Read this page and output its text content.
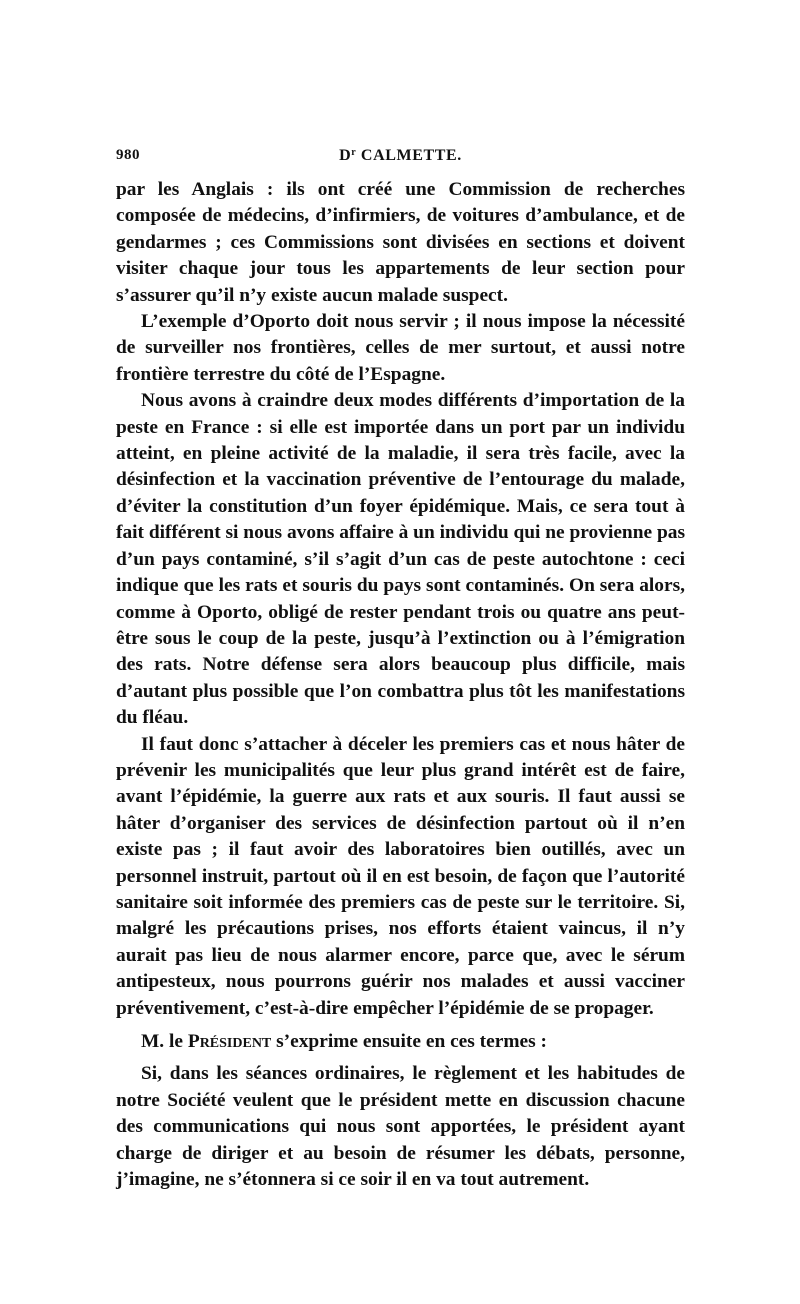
980	$D^r$ CALMETTE.

par les Anglais : ils ont créé une Commission de recherches composée de médecins, d’infirmiers, de voitures d’ambulance, et de gendarmes ; ces Commissions sont divisées en sections et doivent visiter chaque jour tous les appartements de leur section pour s’assurer qu’il n’y existe aucun malade suspect.

L’exemple d’Oporto doit nous servir ; il nous impose la nécessité de surveiller nos frontières, celles de mer surtout, et aussi notre frontière terrestre du côté de l’Espagne.

Nous avons à craindre deux modes différents d’importation de la peste en France : si elle est importée dans un port par un individu atteint, en pleine activité de la maladie, il sera très facile, avec la désinfection et la vaccination préventive de l’entourage du malade, d’éviter la constitution d’un foyer épidémique. Mais, ce sera tout à fait différent si nous avons affaire à un individu qui ne provienne pas d’un pays contaminé, s’il s’agit d’un cas de peste autochtone : ceci indique que les rats et souris du pays sont contaminés. On sera alors, comme à Oporto, obligé de rester pendant trois ou quatre ans peut-être sous le coup de la peste, jusqu’à l’extinction ou à l’émigration des rats. Notre défense sera alors beaucoup plus difficile, mais d’autant plus possible que l’on combattra plus tôt les manifestations du fléau.

Il faut donc s’attacher à déceler les premiers cas et nous hâter de prévenir les municipalités que leur plus grand intérêt est de faire, avant l’épidémie, la guerre aux rats et aux souris. Il faut aussi se hâter d’organiser des services de désinfection partout où il n’en existe pas ; il faut avoir des laboratoires bien outillés, avec un personnel instruit, partout où il en est besoin, de façon que l’autorité sanitaire soit informée des premiers cas de peste sur le territoire. Si, malgré les précautions prises, nos efforts étaient vaincus, il n’y aurait pas lieu de nous alarmer encore, parce que, avec le sérum antipesteux, nous pourrons guérir nos malades et aussi vacciner préventivement, c’est-à-dire empêcher l’épidémie de se propager.

M. le Président s’exprime ensuite en ces termes :

Si, dans les séances ordinaires, le règlement et les habitudes de notre Société veulent que le président mette en discussion chacune des communications qui nous sont apportées, le président ayant charge de diriger et au besoin de résumer les débats, personne, j’imagine, ne s’étonnera si ce soir il en va tout autrement.
